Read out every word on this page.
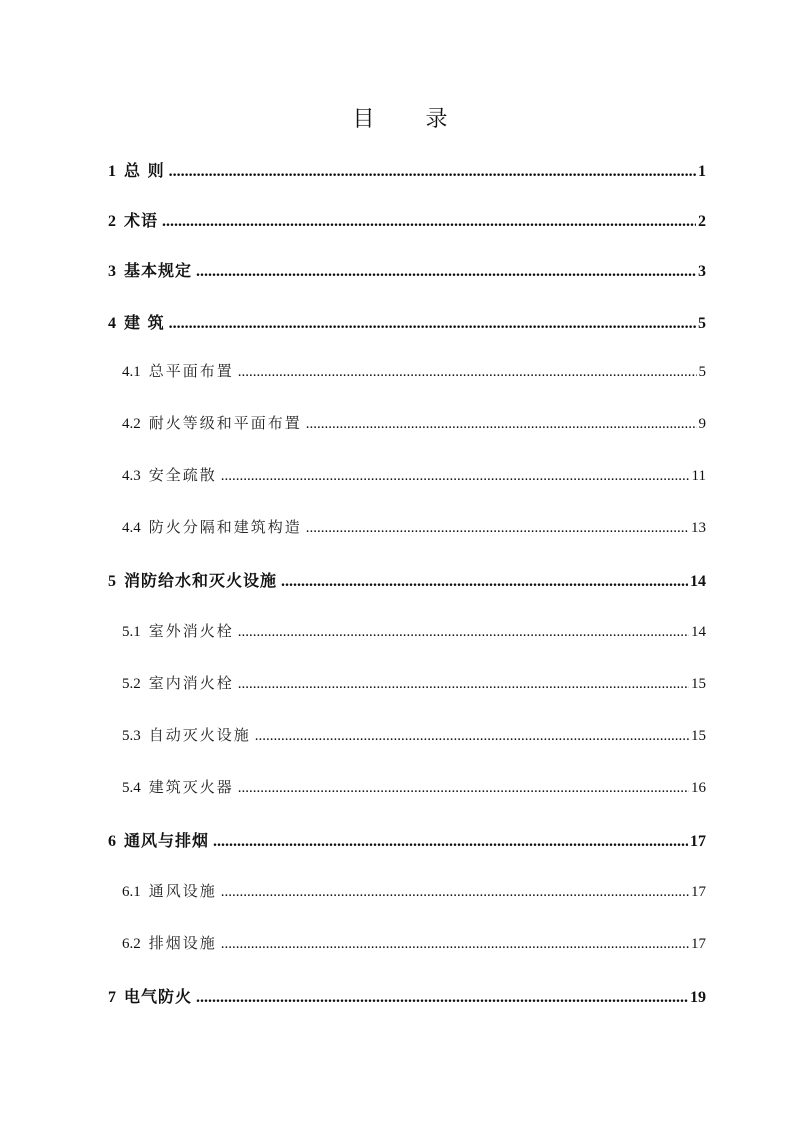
目 录
1 总 则 .....	1
2 术语 .....	2
3 基本规定 .....	3
4 建 筑 .....	5
4.1 总平面布置 .....	5
4.2 耐火等级和平面布置 .....	9
4.3 安全疏散 .....	11
4.4 防火分隔和建筑构造 .....	13
5 消防给水和灭火设施 .....	14
5.1 室外消火栓 .....	14
5.2 室内消火栓 .....	15
5.3 自动灭火设施 .....	15
5.4 建筑灭火器 .....	16
6 通风与排烟 .....	17
6.1 通风设施 .....	17
6.2 排烟设施 .....	17
7 电气防火 .....	19
